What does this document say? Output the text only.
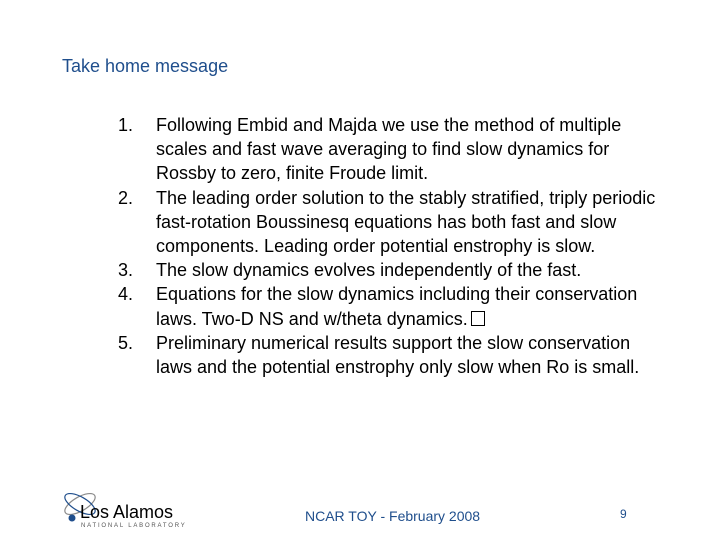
Take home message
1.	Following Embid and Majda we use the method of multiple scales and fast wave averaging to find slow dynamics for Rossby to zero, finite Froude limit.
2.	The leading order solution to the stably stratified, triply periodic fast-rotation Boussinesq equations has both fast and slow components. Leading order potential enstrophy is slow.
3.	The slow dynamics evolves independently of the fast.
4.	Equations for the slow dynamics including their conservation laws. Two-D NS and w/theta dynamics.
5.	Preliminary numerical results support the slow conservation laws and the potential enstrophy only slow when Ro is small.
Los Alamos
NATIONAL LABORATORY
NCAR TOY - February 2008	9
